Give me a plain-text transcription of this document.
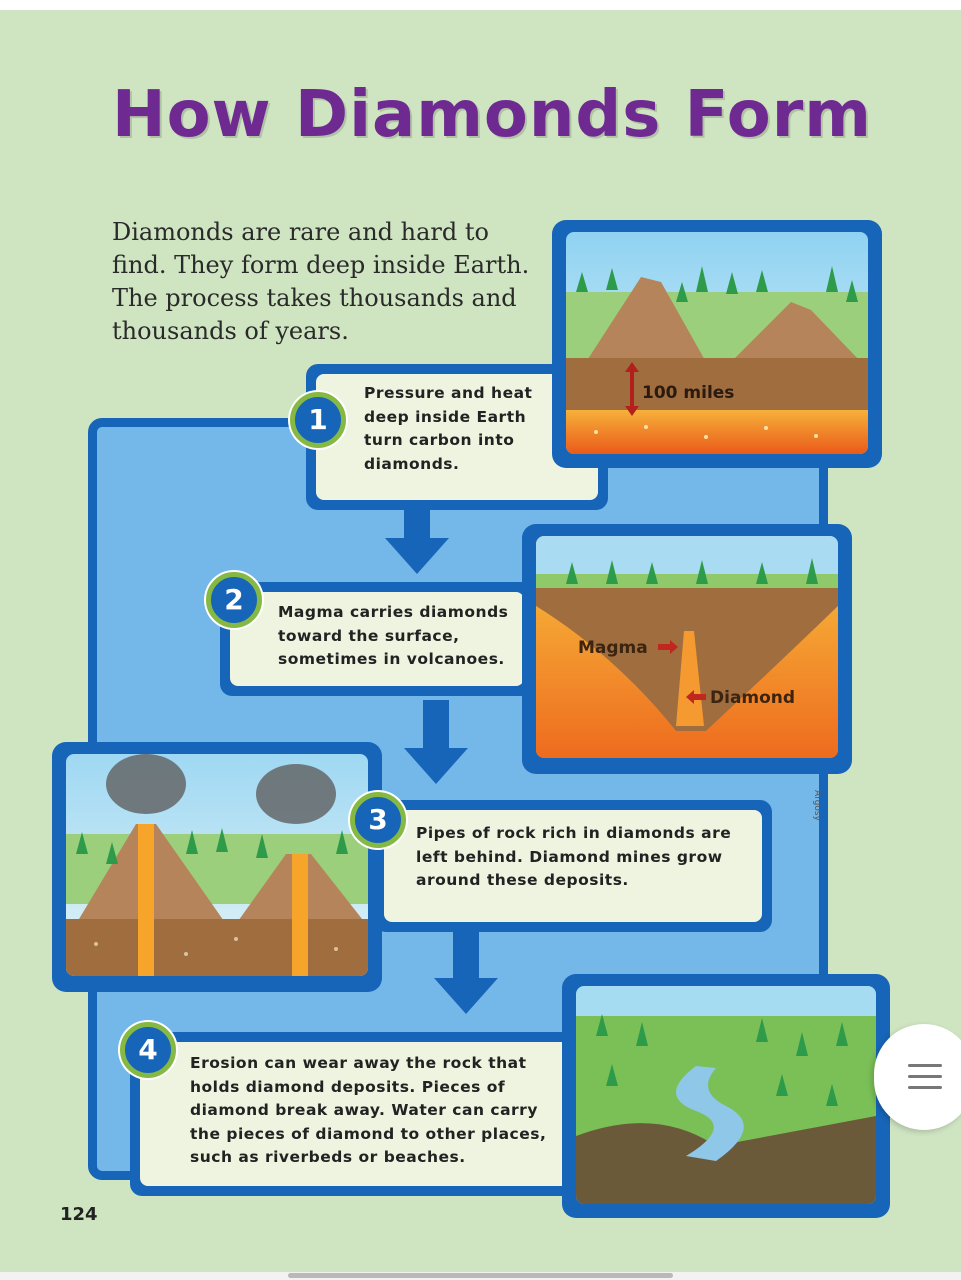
How Diamonds Form

Diamonds are rare and hard to find. They form deep inside Earth. The process takes thousands and thousands of years.

Pressure and heat deep inside Earth turn carbon into diamonds.

1
100 miles

Magma carries diamonds toward the surface, sometimes in volcanoes.

2
Magma
Diamond

Pipes of rock rich in diamonds are left behind. Diamond mines grow around these deposits.

3

Erosion can wear away the rock that holds diamond deposits. Pieces of diamond break away. Water can carry the pieces of diamond to other places, such as riverbeds or beaches.

4
124
Argosy
